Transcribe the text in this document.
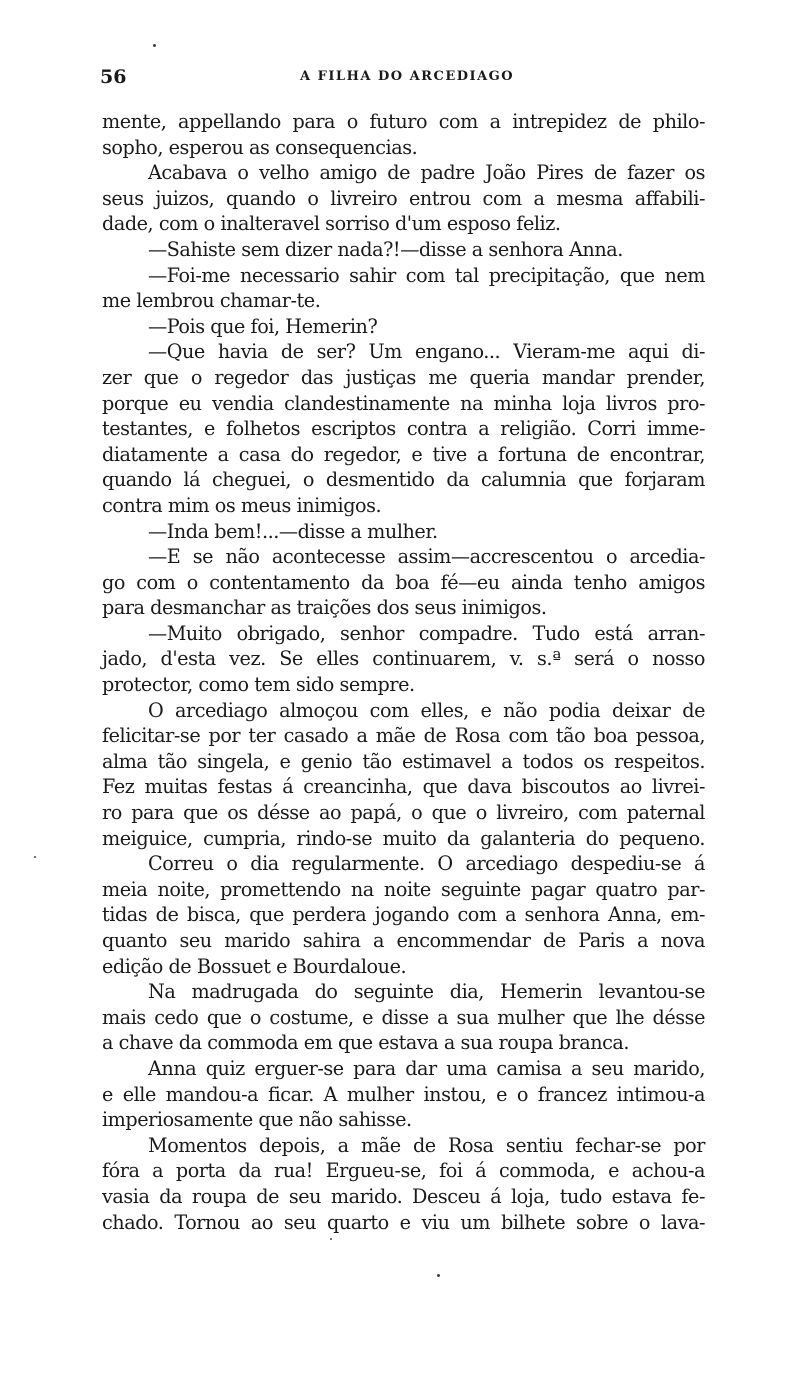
56	A FILHA DO ARCEDIAGO
mente, appellando para o futuro com a intrepidez de philo-
sopho, esperou as consequencias.
Acabava o velho amigo de padre João Pires de fazer os
seus juizos, quando o livreiro entrou com a mesma affabili-
dade, com o inalteravel sorriso d'um esposo feliz.
—Sahiste sem dizer nada?!—disse a senhora Anna.
—Foi-me necessario sahir com tal precipitação, que nem
me lembrou chamar-te.
—Pois que foi, Hemerin?
—Que havia de ser? Um engano... Vieram-me aqui di-
zer que o regedor das justiças me queria mandar prender,
porque eu vendia clandestinamente na minha loja livros pro-
testantes, e folhetos escriptos contra a religião. Corri imme-
diatamente a casa do regedor, e tive a fortuna de encontrar,
quando lá cheguei, o desmentido da calumnia que forjaram
contra mim os meus inimigos.
—Inda bem!...—disse a mulher.
—E se não acontecesse assim—accrescentou o arcedia-
go com o contentamento da boa fé—eu ainda tenho amigos
para desmanchar as traições dos seus inimigos.
—Muito obrigado, senhor compadre. Tudo está arran-
jado, d'esta vez. Se elles continuarem, v. s.ª será o nosso
protector, como tem sido sempre.
O arcediago almoçou com elles, e não podia deixar de
felicitar-se por ter casado a mãe de Rosa com tão boa pessoa,
alma tão singela, e genio tão estimavel a todos os respeitos.
Fez muitas festas á creancinha, que dava biscoutos ao livrei-
ro para que os désse ao papá, o que o livreiro, com paternal
meiguice, cumpria, rindo-se muito da galanteria do pequeno.
Correu o dia regularmente. O arcediago despediu-se á
meia noite, promettendo na noite seguinte pagar quatro par-
tidas de bisca, que perdera jogando com a senhora Anna, em-
quanto seu marido sahira a encommendar de Paris a nova
edição de Bossuet e Bourdaloue.
Na madrugada do seguinte dia, Hemerin levantou-se
mais cedo que o costume, e disse a sua mulher que lhe désse
a chave da commoda em que estava a sua roupa branca.
Anna quiz erguer-se para dar uma camisa a seu marido,
e elle mandou-a ficar. A mulher instou, e o francez intimou-a
imperiosamente que não sahisse.
Momentos depois, a mãe de Rosa sentiu fechar-se por
fóra a porta da rua! Ergueu-se, foi á commoda, e achou-a
vasia da roupa de seu marido. Desceu á loja, tudo estava fe-
chado. Tornou ao seu quarto e viu um bilhete sobre o lava-
